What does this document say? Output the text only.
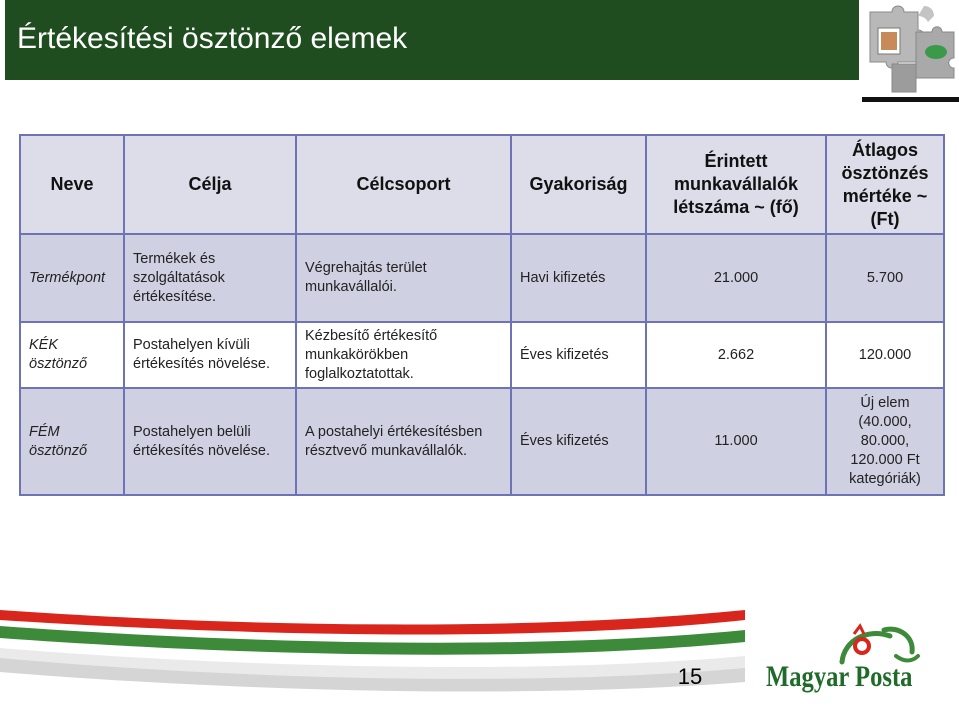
Értékesítési ösztönző elemek
Neve	Célja	Célcsoport	Gyakoriság	Érintett munkavállalók létszáma ~ (fő)	Átlagos ösztönzés mértéke ~ (Ft)
Termékpont	Termékek és szolgáltatások értékesítése.	Végrehajtás terület munkavállalói.	Havi kifizetés	21.000	5.700
KÉK ösztönző	Postahelyen kívüli értékesítés növelése.	Kézbesítő értékesítő munkakörökben foglalkoztatottak.	Éves kifizetés	2.662	120.000
FÉM ösztönző	Postahelyen belüli értékesítés növelése.	A postahelyi értékesítésben résztvevő munkavállalók.	Éves kifizetés	11.000	Új elem (40.000, 80.000, 120.000 Ft kategóriák)
15	Magyar Posta
